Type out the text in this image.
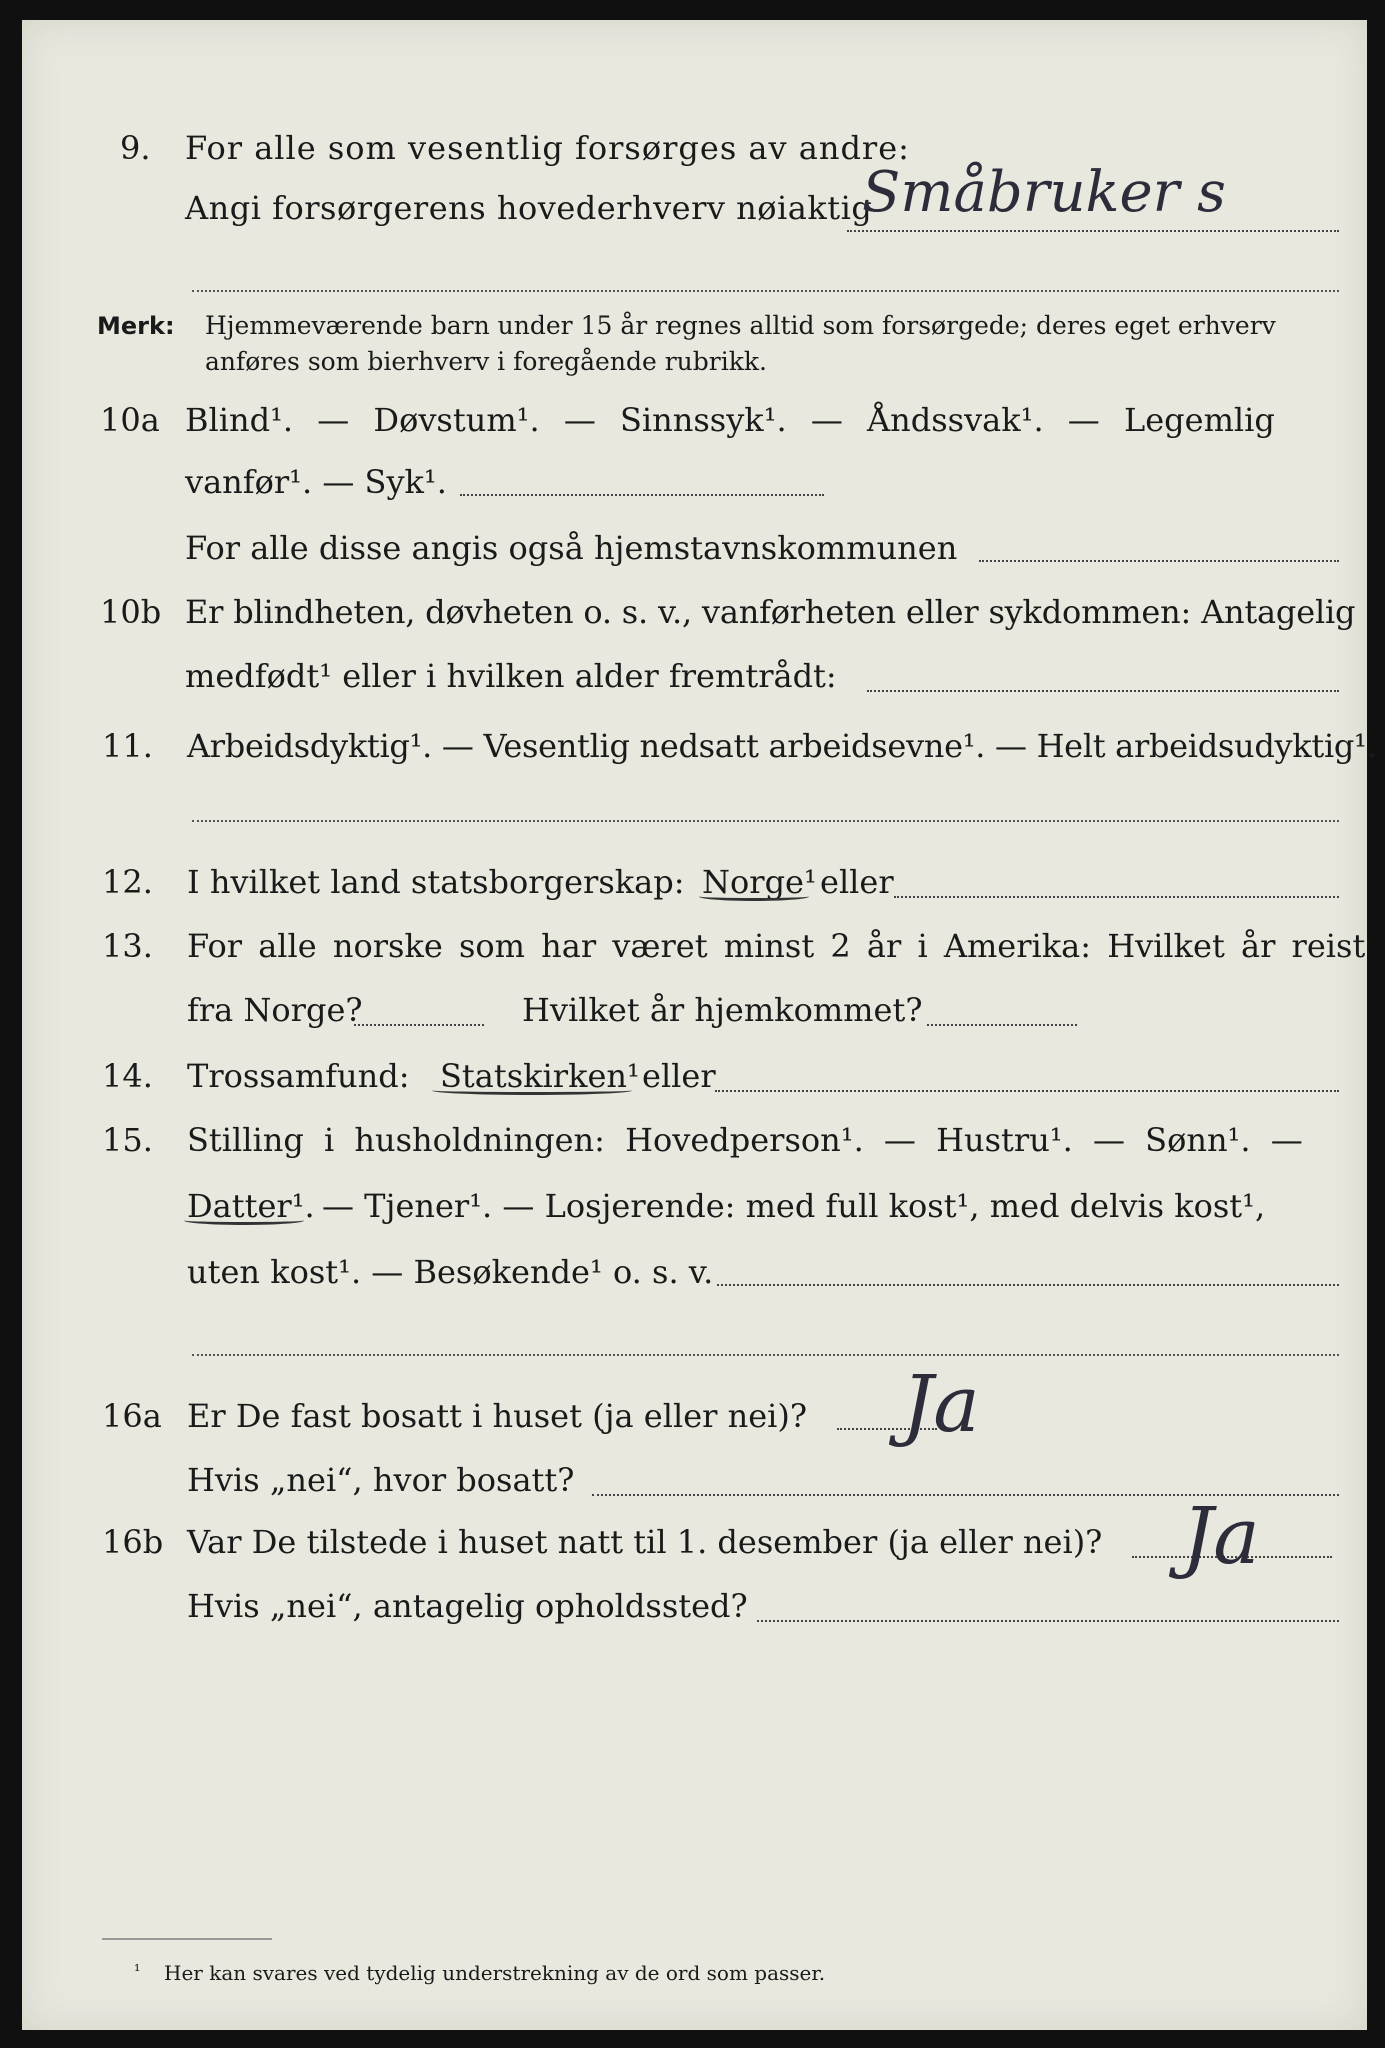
9. For alle som vesentlig forsørges av andre:
Angi forsørgerens hovederhverv nøiaktig
Småbruker s
Merk: Hjemmeværende barn under 15 år regnes alltid som forsørgede; deres eget erhverv
anføres som bierhverv i foregående rubrikk.
10a Blind¹. — Døvstum¹. — Sinnssyk¹. — Åndssvak¹. — Legemlig
vanfør¹. — Syk¹.
For alle disse angis også hjemstavnskommunen
10b Er blindheten, døvheten o. s. v., vanførheten eller sykdommen: Antagelig
medfødt¹ eller i hvilken alder fremtrådt:
11. Arbeidsdyktig¹. — Vesentlig nedsatt arbeidsevne¹. — Helt arbeidsudyktig¹.
12. I hvilket land statsborgerskap: Norge¹ eller
13. For alle norske som har været minst 2 år i Amerika: Hvilket år reist
fra Norge?	Hvilket år hjemkommet?
14. Trossamfund: Statskirken¹ eller
15. Stilling i husholdningen: Hovedperson¹. — Hustru¹. — Sønn¹. —
Datter¹. — Tjener¹. — Losjerende: med full kost¹, med delvis kost¹,
uten kost¹. — Besøkende¹ o. s. v.
16a Er De fast bosatt i huset (ja eller nei)? Ja
Hvis „nei“, hvor bosatt?
16b Var De tilstede i huset natt til 1. desember (ja eller nei)? Ja
Hvis „nei“, antagelig opholdssted?
¹ Her kan svares ved tydelig understrekning av de ord som passer.
